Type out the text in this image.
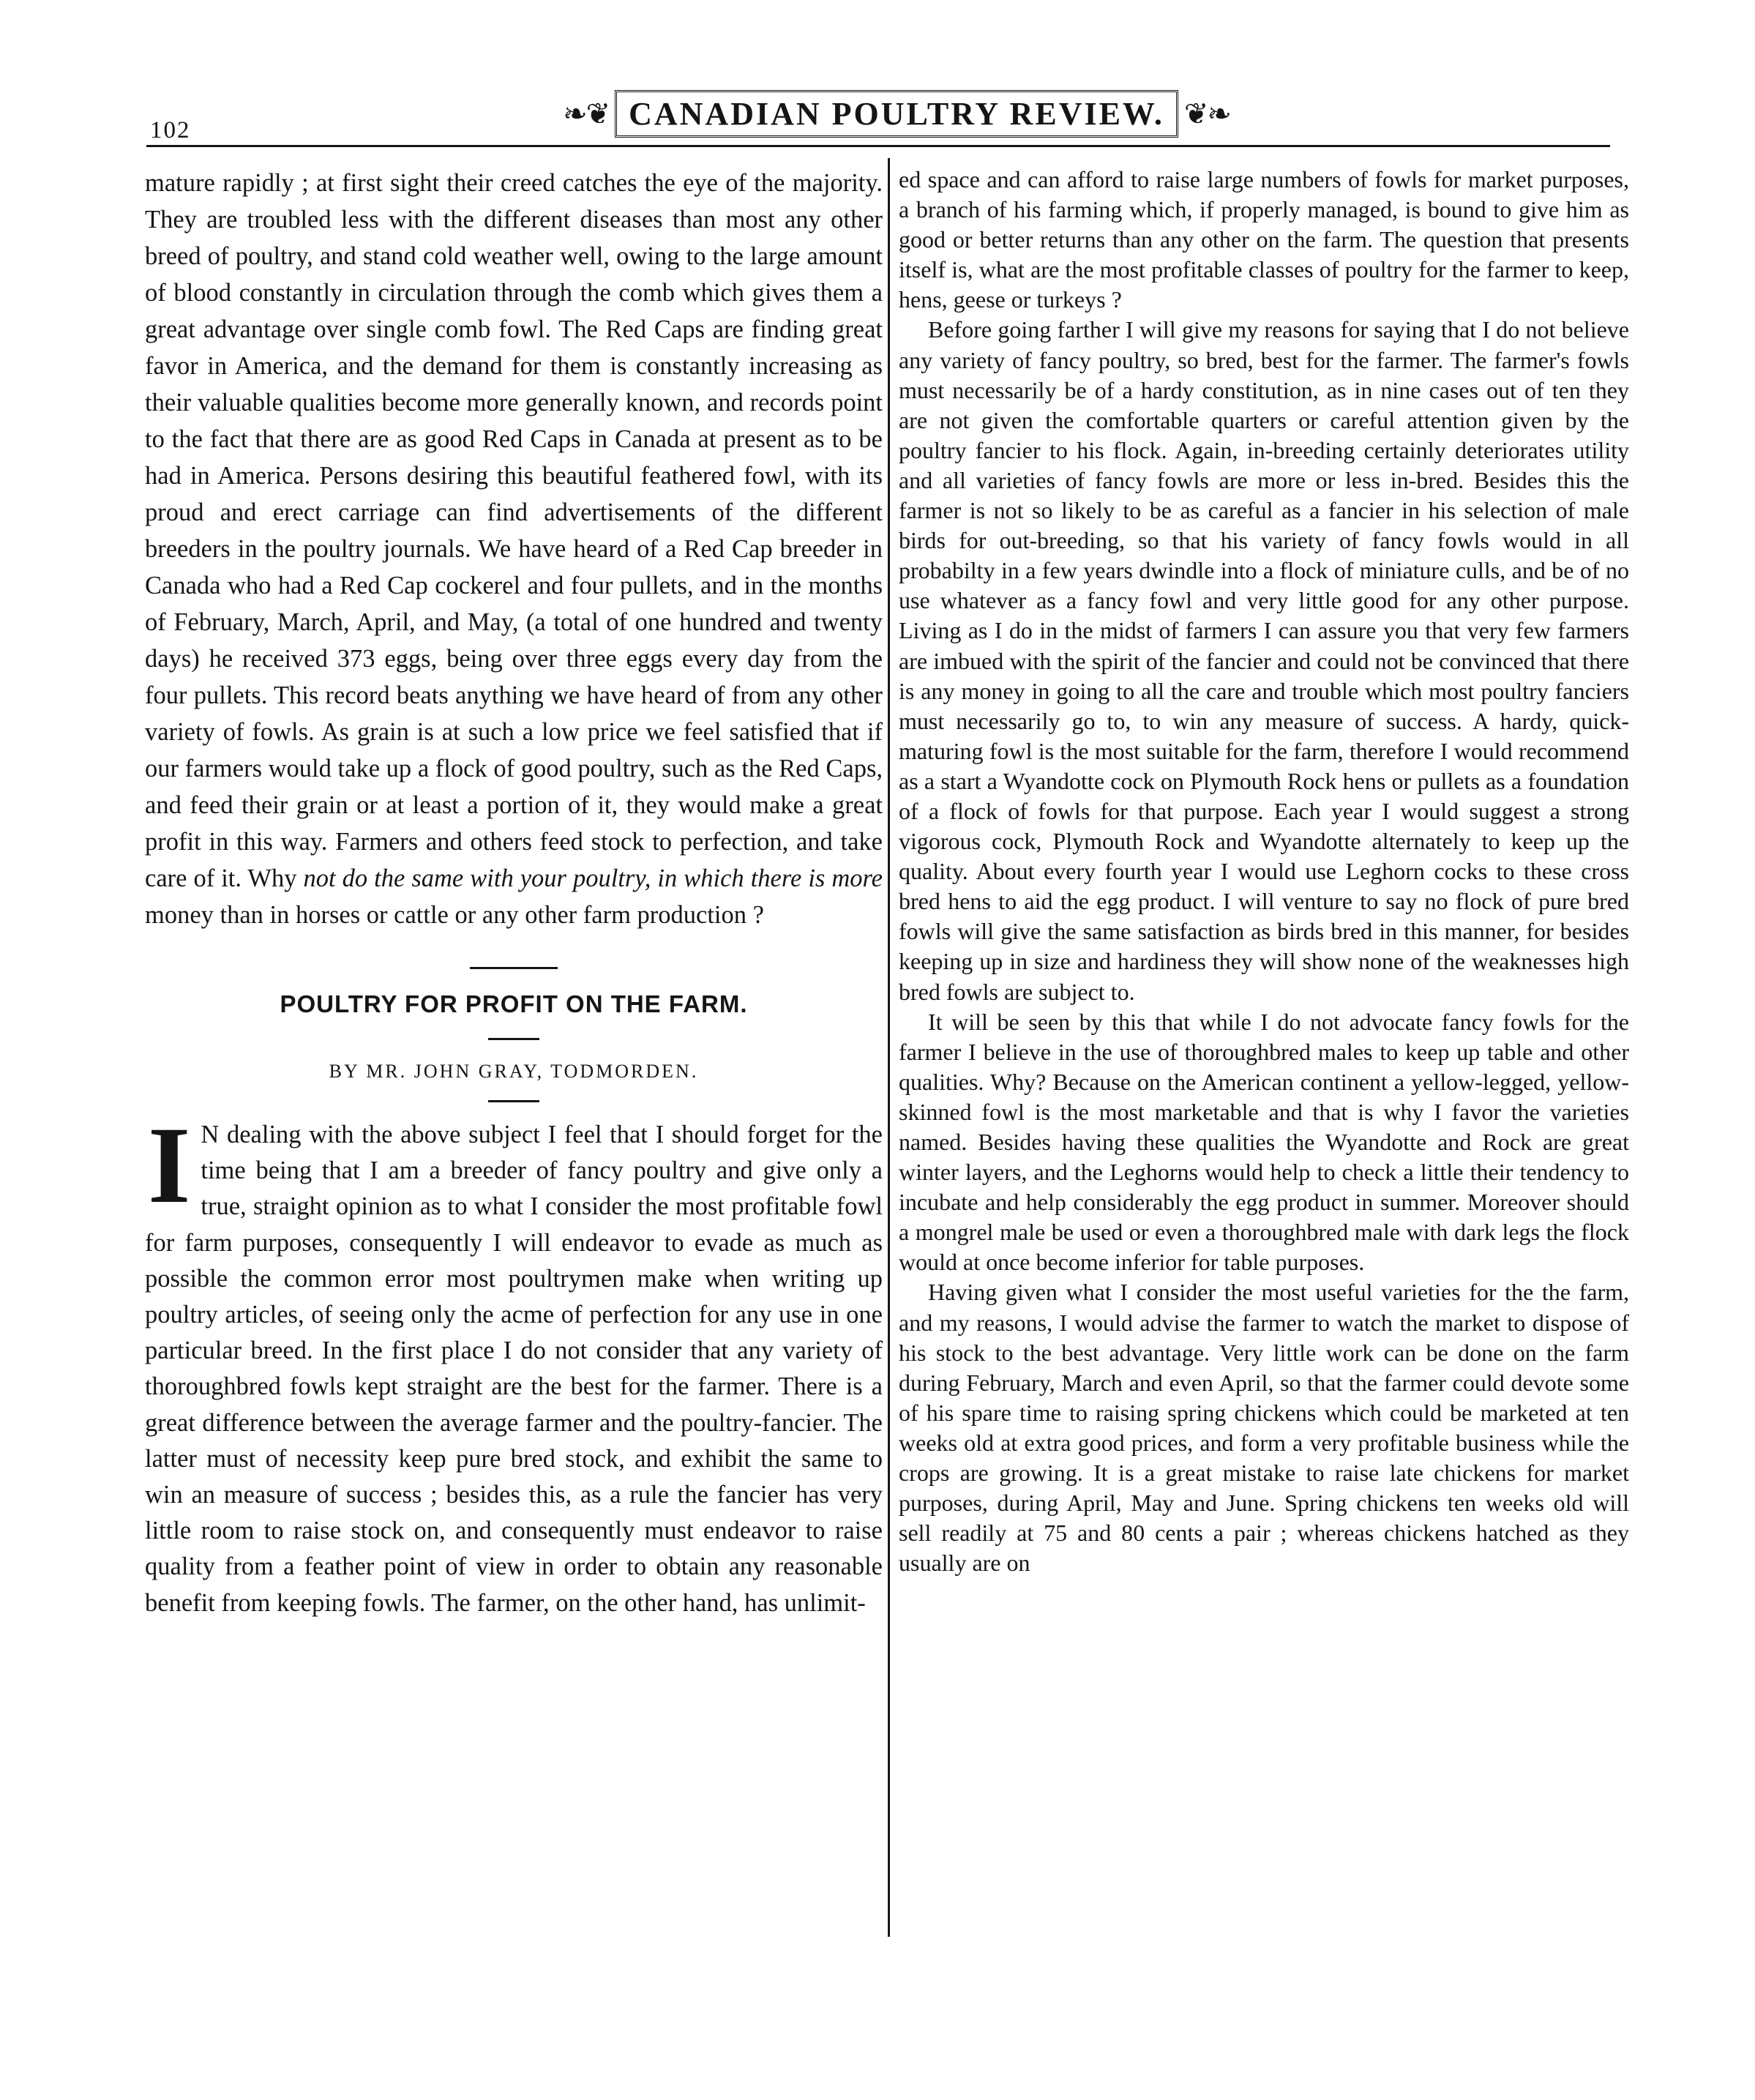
102	❧❦ CANADIAN POULTRY REVIEW. ❦❧

mature rapidly ; at first sight their creed catches the eye of the majority. They are troubled less with the different diseases than most any other breed of poultry, and stand cold weather well, owing to the large amount of blood constantly in circulation through the comb which gives them a great advantage over single comb fowl. The Red Caps are finding great favor in America, and the demand for them is constantly increasing as their valuable qualities become more generally known, and records point to the fact that there are as good Red Caps in Canada at present as to be had in America. Persons desiring this beautiful feathered fowl, with its proud and erect carriage can find advertisements of the different breeders in the poultry journals. We have heard of a Red Cap breeder in Canada who had a Red Cap cockerel and four pullets, and in the months of February, March, April, and May, (a total of one hundred and twenty days) he received 373 eggs, being over three eggs every day from the four pullets. This record beats anything we have heard of from any other variety of fowls. As grain is at such a low price we feel satisfied that if our farmers would take up a flock of good poultry, such as the Red Caps, and feed their grain or at least a portion of it, they would make a great profit in this way. Farmers and others feed stock to perfection, and take care of it. Why not do the same with your poultry, in which there is more money than in horses or cattle or any other farm production ?

POULTRY FOR PROFIT ON THE FARM.

BY MR. JOHN GRAY, TODMORDEN.

I N dealing with the above subject I feel that I should forget for the time being that I am a breeder of fancy poultry and give only a true, straight opinion as to what I consider the most profitable fowl for farm purposes, consequently I will endeavor to evade as much as possible the common error most poultrymen make when writing up poultry articles, of seeing only the acme of perfection for any use in one particular breed. In the first place I do not consider that any variety of thoroughbred fowls kept straight are the best for the farmer. There is a great difference between the average farmer and the poultry-fancier. The latter must of necessity keep pure bred stock, and exhibit the same to win an measure of success ; besides this, as a rule the fancier has very little room to raise stock on, and consequently must endeavor to raise quality from a feather point of view in order to obtain any reasonable benefit from keeping fowls. The farmer, on the other hand, has unlimit-

ed space and can afford to raise large numbers of fowls for market purposes, a branch of his farming which, if properly managed, is bound to give him as good or better returns than any other on the farm. The question that presents itself is, what are the most profitable classes of poultry for the farmer to keep, hens, geese or turkeys ?

Before going farther I will give my reasons for saying that I do not believe any variety of fancy poultry, so bred, best for the farmer. The farmer's fowls must necessarily be of a hardy constitution, as in nine cases out of ten they are not given the comfortable quarters or careful attention given by the poultry fancier to his flock. Again, in-breeding certainly deteriorates utility and all varieties of fancy fowls are more or less in-bred. Besides this the farmer is not so likely to be as careful as a fancier in his selection of male birds for out-breeding, so that his variety of fancy fowls would in all probabilty in a few years dwindle into a flock of miniature culls, and be of no use whatever as a fancy fowl and very little good for any other purpose. Living as I do in the midst of farmers I can assure you that very few farmers are imbued with the spirit of the fancier and could not be convinced that there is any money in going to all the care and trouble which most poultry fanciers must necessarily go to, to win any measure of success. A hardy, quick-maturing fowl is the most suitable for the farm, therefore I would recommend as a start a Wyandotte cock on Plymouth Rock hens or pullets as a foundation of a flock of fowls for that purpose. Each year I would suggest a strong vigorous cock, Plymouth Rock and Wyandotte alternately to keep up the quality. About every fourth year I would use Leghorn cocks to these cross bred hens to aid the egg product. I will venture to say no flock of pure bred fowls will give the same satisfaction as birds bred in this manner, for besides keeping up in size and hardiness they will show none of the weaknesses high bred fowls are subject to.

It will be seen by this that while I do not advocate fancy fowls for the farmer I believe in the use of thoroughbred males to keep up table and other qualities. Why? Because on the American continent a yellow-legged, yellow-skinned fowl is the most marketable and that is why I favor the varieties named. Besides having these qualities the Wyandotte and Rock are great winter layers, and the Leghorns would help to check a little their tendency to incubate and help considerably the egg product in summer. Moreover should a mongrel male be used or even a thoroughbred male with dark legs the flock would at once become inferior for table purposes.

Having given what I consider the most useful varieties for the the farm, and my reasons, I would advise the farmer to watch the market to dispose of his stock to the best advantage. Very little work can be done on the farm during February, March and even April, so that the farmer could devote some of his spare time to raising spring chickens which could be marketed at ten weeks old at extra good prices, and form a very profitable business while the crops are growing. It is a great mistake to raise late chickens for market purposes, during April, May and June. Spring chickens ten weeks old will sell readily at 75 and 80 cents a pair ; whereas chickens hatched as they usually are on
